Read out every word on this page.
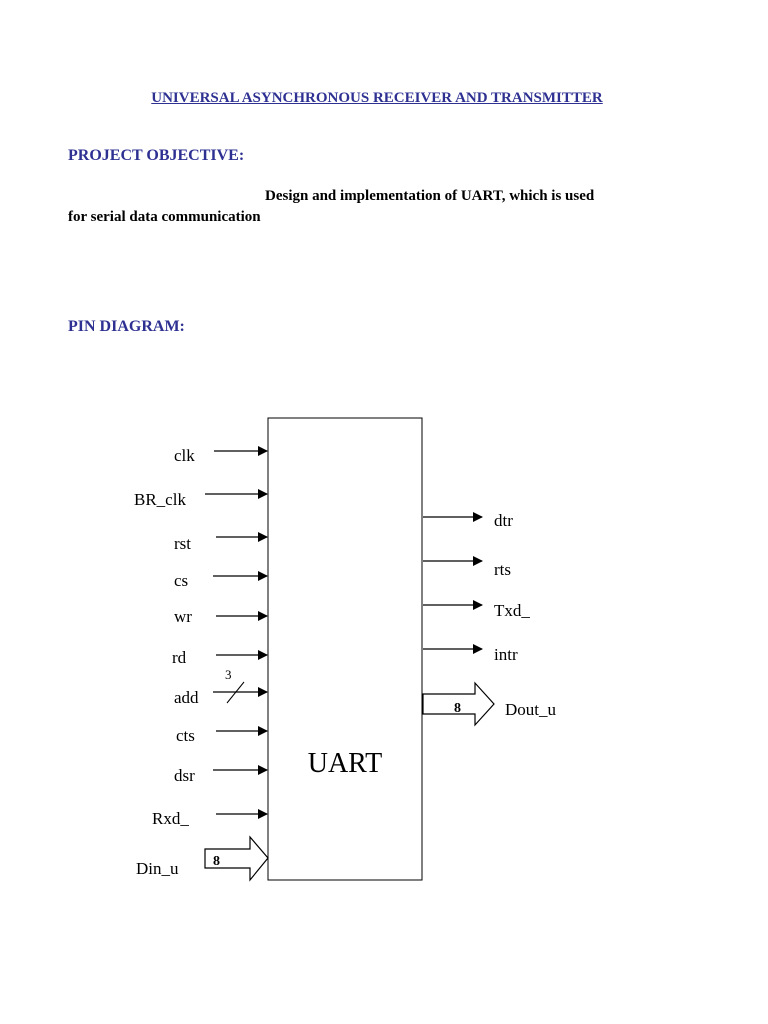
UNIVERSAL ASYNCHRONOUS RECEIVER AND TRANSMITTER
PROJECT OBJECTIVE:
Design and implementation of UART, which is used
for serial data communication
PIN DIAGRAM:
UART
clk
BR_clk
rst
cs
wr
rd
3
add
cts
dsr
Rxd_
8
Din_u
dtr
rts
Txd_
intr
8	Dout_u
